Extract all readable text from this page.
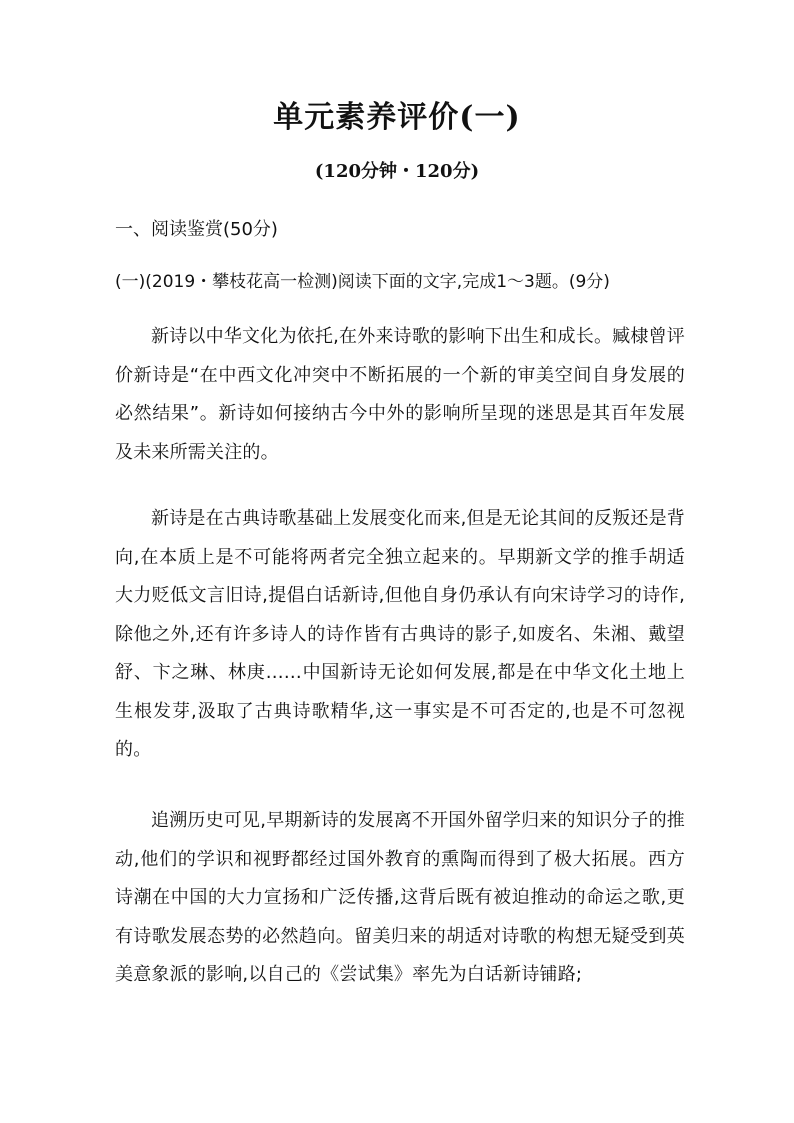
单元素养评价(一)
(120分钟・120分)
一、阅读鉴赏(50分)
(一)(2019・攀枝花高一检测)阅读下面的文字,完成1～3题。(9分)

新诗以中华文化为依托,在外来诗歌的影响下出生和成长。臧棣曾评价新诗是“在中西文化冲突中不断拓展的一个新的审美空间自身发展的必然结果”。新诗如何接纳古今中外的影响所呈现的迷思是其百年发展及未来所需关注的。

新诗是在古典诗歌基础上发展变化而来,但是无论其间的反叛还是背向,在本质上是不可能将两者完全独立起来的。早期新文学的推手胡适大力贬低文言旧诗,提倡白话新诗,但他自身仍承认有向宋诗学习的诗作,除他之外,还有许多诗人的诗作皆有古典诗的影子,如废名、朱湘、戴望舒、卞之琳、林庚……中国新诗无论如何发展,都是在中华文化土地上生根发芽,汲取了古典诗歌精华,这一事实是不可否定的,也是不可忽视的。

追溯历史可见,早期新诗的发展离不开国外留学归来的知识分子的推动,他们的学识和视野都经过国外教育的熏陶而得到了极大拓展。西方诗潮在中国的大力宣扬和广泛传播,这背后既有被迫推动的命运之歌,更有诗歌发展态势的必然趋向。留美归来的胡适对诗歌的构想无疑受到英美意象派的影响,以自己的《尝试集》率先为白话新诗铺路;
